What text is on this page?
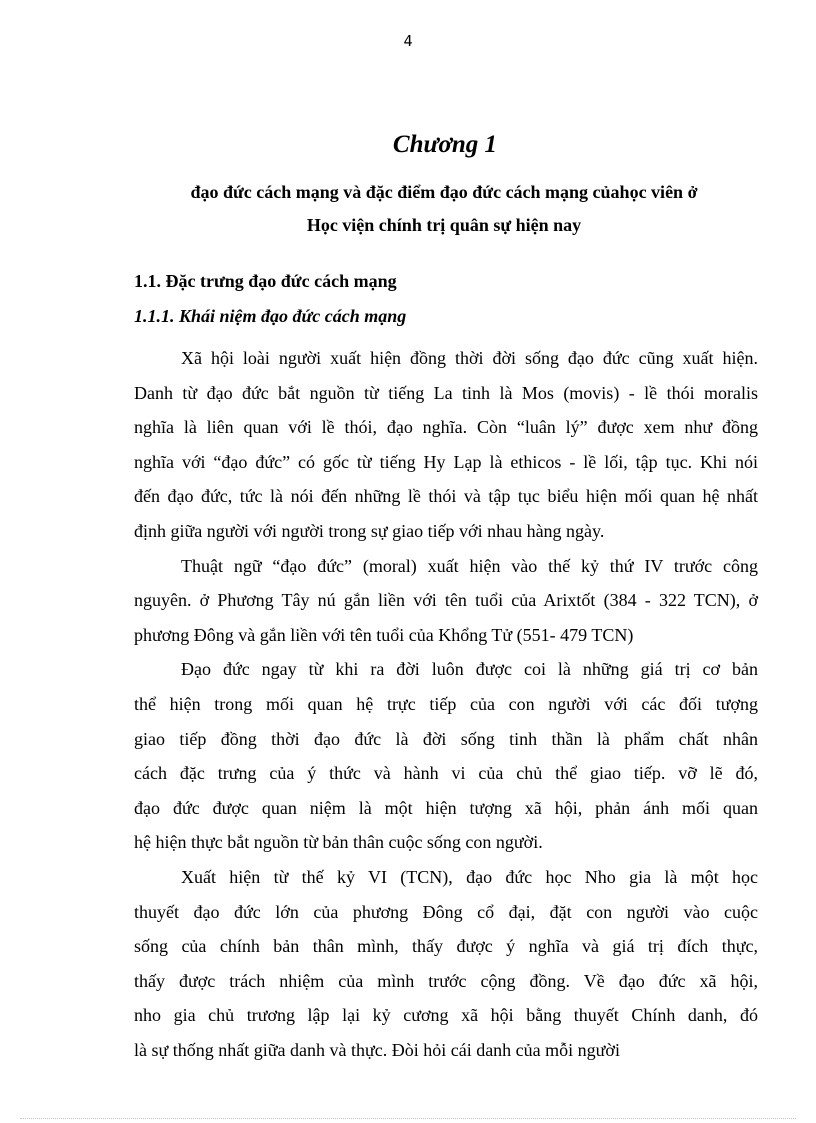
4
Chương 1
đạo đức cách mạng và đặc điểm đạo đức cách mạng củahọc viên ở
Học viện chính trị quân sự hiện nay
1.1. Đặc trưng đạo đức cách mạng
1.1.1. Khái niệm đạo đức cách mạng
Xã hội loài người xuất hiện đồng thời đời sống đạo đức cũng xuất hiện.
Danh từ đạo đức bắt nguồn từ tiếng La tinh là Mos (movis) - lề thói moralis
nghĩa là liên quan với lề thói, đạo nghĩa. Còn “luân lý” được xem như đồng
nghĩa với “đạo đức” có gốc từ tiếng Hy Lạp là ethicos - lề lối, tập tục. Khi nói
đến đạo đức, tức là nói đến những lề thói và tập tục biểu hiện mối quan hệ nhất
định giữa người với người trong sự giao tiếp với nhau hàng ngày.
Thuật ngữ “đạo đức” (moral) xuất hiện vào thế kỷ thứ IV trước công
nguyên. ở Phương Tây nú gắn liền với tên tuổi của Arixtốt (384 - 322 TCN), ở
phương Đông và gắn liền với tên tuổi của Khổng Tử (551- 479 TCN)
Đạo đức ngay từ khi ra đời luôn được coi là những giá trị cơ bản
thể hiện trong mối quan hệ trực tiếp của con người với các đối tượng
giao tiếp đồng thời đạo đức là đời sống tinh thần là phẩm chất nhân
cách đặc trưng của ý thức và hành vi của chủ thể giao tiếp. vỡ lẽ đó,
đạo đức được quan niệm là một hiện tượng xã hội, phản ánh mối quan
hệ hiện thực bắt nguồn từ bản thân cuộc sống con người.
Xuất hiện từ thế kỷ VI (TCN), đạo đức học Nho gia là một học
thuyết đạo đức lớn của phương Đông cổ đại, đặt con người vào cuộc
sống của chính bản thân mình, thấy được ý nghĩa và giá trị đích thực,
thấy được trách nhiệm của mình trước cộng đồng. Về đạo đức xã hội,
nho gia chủ trương lập lại kỷ cương xã hội bằng thuyết Chính danh, đó
là sự thống nhất giữa danh và thực. Đòi hỏi cái danh của mỗi người
